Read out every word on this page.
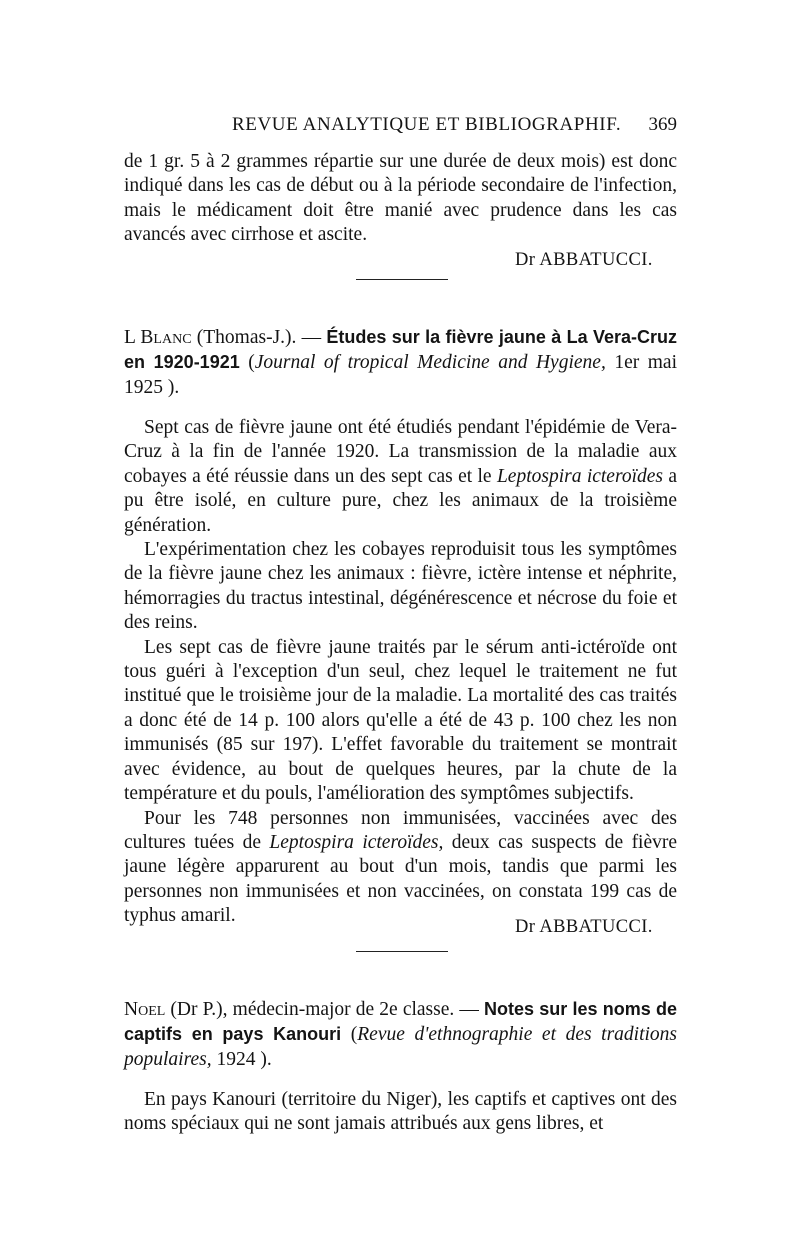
REVUE ANALYTIQUE ET BIBLIOGRAPHIF. 369

de 1 gr. 5 à 2 grammes répartie sur une durée de deux mois) est donc indiqué dans les cas de début ou à la période secondaire de l'infection, mais le médicament doit être manié avec prudence dans les cas avancés avec cirrhose et ascite.

Dr ABBATUCCI.

L Blanc (Thomas-J.). — Études sur la fièvre jaune à La Vera-Cruz en 1920-1921 (Journal of tropical Medicine and Hygiene, 1er mai 1925 ).

Sept cas de fièvre jaune ont été étudiés pendant l'épidémie de Vera-Cruz à la fin de l'année 1920. La transmission de la maladie aux cobayes a été réussie dans un des sept cas et le Leptospira icteroïdes a pu être isolé, en culture pure, chez les animaux de la troisième génération.

L'expérimentation chez les cobayes reproduisit tous les symptômes de la fièvre jaune chez les animaux : fièvre, ictère intense et néphrite, hémorragies du tractus intestinal, dégénérescence et nécrose du foie et des reins.

Les sept cas de fièvre jaune traités par le sérum anti-ictéroïde ont tous guéri à l'exception d'un seul, chez lequel le traitement ne fut institué que le troisième jour de la maladie. La mortalité des cas traités a donc été de 14 p. 100 alors qu'elle a été de 43 p. 100 chez les non immunisés (85 sur 197). L'effet favorable du traitement se montrait avec évidence, au bout de quelques heures, par la chute de la température et du pouls, l'amélioration des symptômes subjectifs.

Pour les 748 personnes non immunisées, vaccinées avec des cultures tuées de Leptospira icteroïdes, deux cas suspects de fièvre jaune légère apparurent au bout d'un mois, tandis que parmi les personnes non immunisées et non vaccinées, on constata 199 cas de typhus amaril.

Dr ABBATUCCI.

Noel (Dr P.), médecin-major de 2e classe. — Notes sur les noms de captifs en pays Kanouri (Revue d'ethnographie et des traditions populaires, 1924 ).

En pays Kanouri (territoire du Niger), les captifs et captives ont des noms spéciaux qui ne sont jamais attribués aux gens libres, et
